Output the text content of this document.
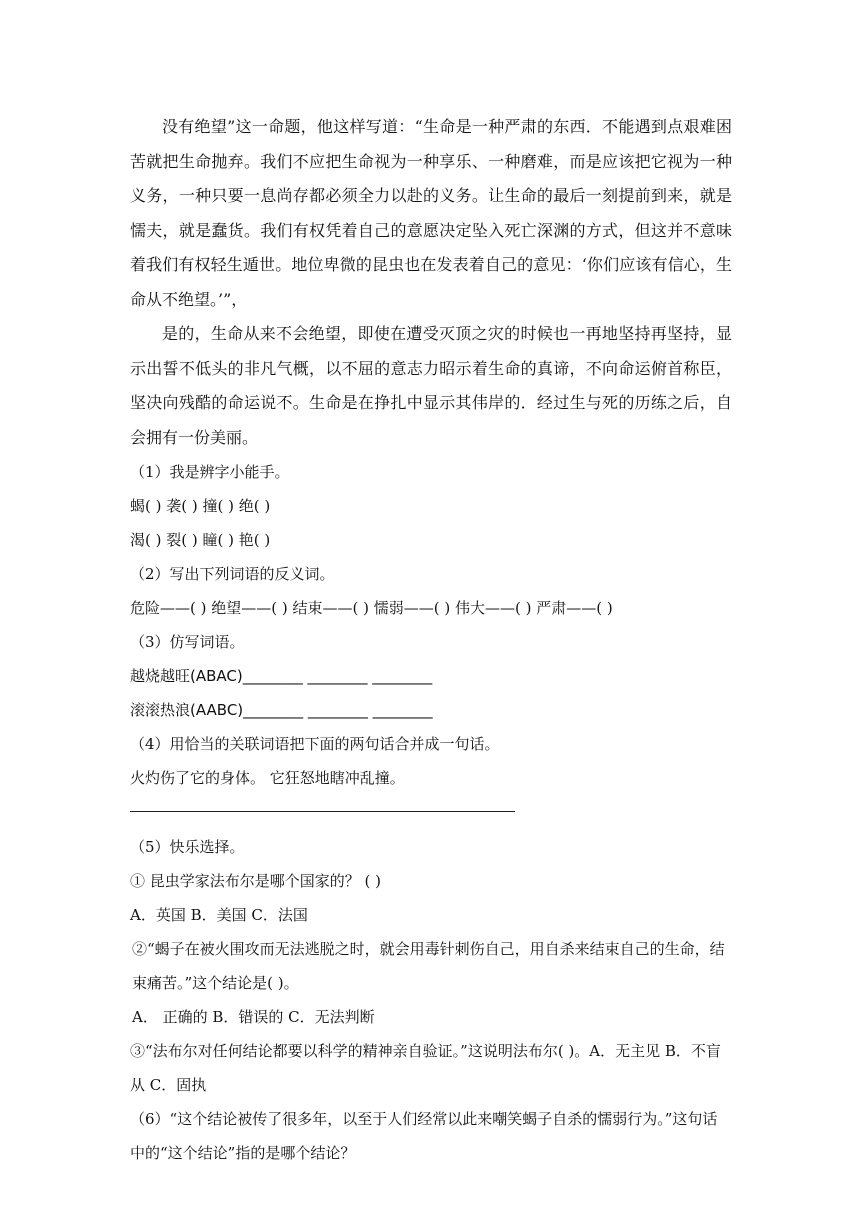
没有绝望”这一命题，他这样写道：“生命是一种严肃的东西．不能遇到点艰难困苦就把生命抛弃。我们不应把生命视为一种享乐、一种磨难，而是应该把它视为一种义务，一种只要一息尚存都必须全力以赴的义务。让生命的最后一刻提前到来，就是懦夫，就是蠢货。我们有权凭着自己的意愿决定坠入死亡深渊的方式，但这并不意味着我们有权轻生遁世。地位卑微的昆虫也在发表着自己的意见：‘你们应该有信心，生命从不绝望。’”，

是的，生命从来不会绝望，即使在遭受灭顶之灾的时候也一再地坚持再坚持，显示出誓不低头的非凡气概，以不屈的意志力昭示着生命的真谛，不向命运俯首称臣，坚决向残酷的命运说不。生命是在挣扎中显示其伟岸的．经过生与死的历练之后，自会拥有一份美丽。

（1）我是辨字小能手。

蝎( ) 袭( ) 撞( ) 绝( )

渴( ) 裂( ) 瞳( ) 艳( )

（2）写出下列词语的反义词。

危险——( ) 绝望——( ) 结束——( ) 懦弱——( ) 伟大——( ) 严肃——( )

（3）仿写词语。

越烧越旺(ABAC)________ ________ ________

滚滚热浪(AABC)________ ________ ________

（4）用恰当的关联词语把下面的两句话合并成一句话。

火灼伤了它的身体。 它狂怒地瞎冲乱撞。

（5）快乐选择。

① 昆虫学家法布尔是哪个国家的？ ( )

A．英国 B．美国 C．法国

②“蝎子在被火围攻而无法逃脱之时，就会用毒针刺伤自己，用自杀来结束自己的生命，结束痛苦。”这个结论是( )。

A． 正确的 B．错误的 C．无法判断

③“法布尔对任何结论都要以科学的精神亲自验证。”这说明法布尔( )。A．无主见 B．不盲从 C．固执

（6）“这个结论被传了很多年，以至于人们经常以此来嘲笑蝎子自杀的懦弱行为。”这句话中的“这个结论”指的是哪个结论？
